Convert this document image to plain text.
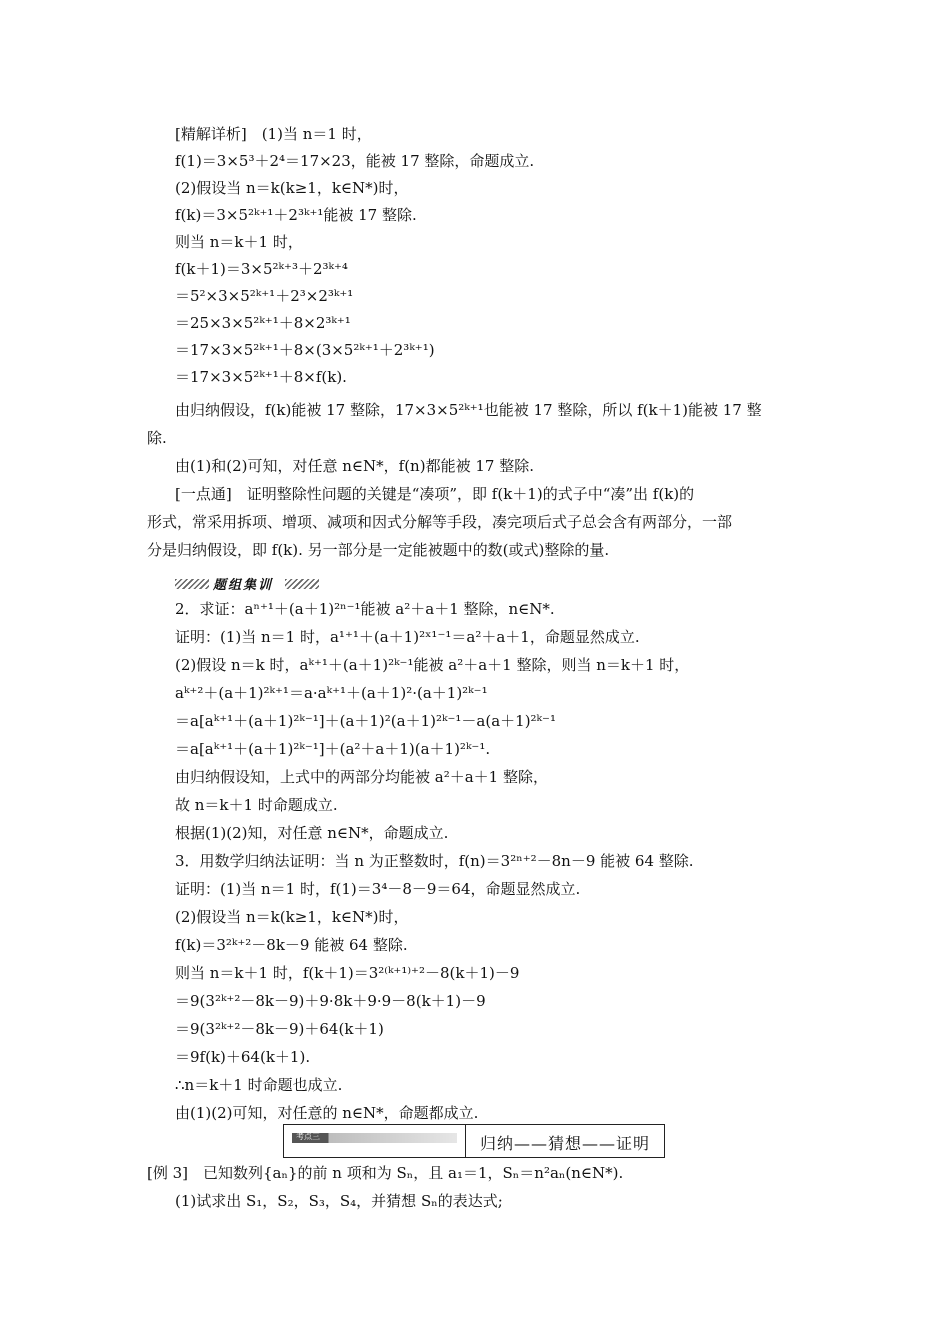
[精解详析]　(1)当 n＝1 时，
f(1)＝3×5³＋2⁴＝17×23，能被 17 整除，命题成立.
(2)假设当 n＝k(k≥1，k∈N*)时，
f(k)＝3×5²ᵏ⁺¹＋2³ᵏ⁺¹能被 17 整除.
则当 n＝k＋1 时，
f(k＋1)＝3×5²ᵏ⁺³＋2³ᵏ⁺⁴
＝5²×3×5²ᵏ⁺¹＋2³×2³ᵏ⁺¹
＝25×3×5²ᵏ⁺¹＋8×2³ᵏ⁺¹
＝17×3×5²ᵏ⁺¹＋8×(3×5²ᵏ⁺¹＋2³ᵏ⁺¹)
＝17×3×5²ᵏ⁺¹＋8×f(k).
由归纳假设，f(k)能被 17 整除，17×3×5²ᵏ⁺¹也能被 17 整除，所以 f(k＋1)能被 17 整
除.
由(1)和(2)可知，对任意 n∈N*，f(n)都能被 17 整除.
[一点通]　证明整除性问题的关键是“凑项”，即 f(k＋1)的式子中“凑”出 f(k)的
形式，常采用拆项、增项、减项和因式分解等手段，凑完项后式子总会含有两部分，一部
分是归纳假设，即 f(k). 另一部分是一定能被题中的数(或式)整除的量.
题组集训
2．求证：aⁿ⁺¹＋(a＋1)²ⁿ⁻¹能被 a²＋a＋1 整除，n∈N*.
证明：(1)当 n＝1 时，a¹⁺¹＋(a＋1)²ˣ¹⁻¹＝a²＋a＋1，命题显然成立.
(2)假设 n＝k 时，aᵏ⁺¹＋(a＋1)²ᵏ⁻¹能被 a²＋a＋1 整除，则当 n＝k＋1 时，
aᵏ⁺²＋(a＋1)²ᵏ⁺¹＝a·aᵏ⁺¹＋(a＋1)²·(a＋1)²ᵏ⁻¹
＝a[aᵏ⁺¹＋(a＋1)²ᵏ⁻¹]＋(a＋1)²(a＋1)²ᵏ⁻¹－a(a＋1)²ᵏ⁻¹
＝a[aᵏ⁺¹＋(a＋1)²ᵏ⁻¹]＋(a²＋a＋1)(a＋1)²ᵏ⁻¹.
由归纳假设知，上式中的两部分均能被 a²＋a＋1 整除，
故 n＝k＋1 时命题成立.
根据(1)(2)知，对任意 n∈N*，命题成立.
3．用数学归纳法证明：当 n 为正整数时，f(n)＝3²ⁿ⁺²－8n－9 能被 64 整除.
证明：(1)当 n＝1 时，f(1)＝3⁴－8－9＝64，命题显然成立.
(2)假设当 n＝k(k≥1，k∈N*)时，
f(k)＝3²ᵏ⁺²－8k－9 能被 64 整除.
则当 n＝k＋1 时，f(k＋1)＝3²⁽ᵏ⁺¹⁾⁺²－8(k＋1)－9
＝9(3²ᵏ⁺²－8k－9)＋9·8k＋9·9－8(k＋1)－9
＝9(3²ᵏ⁺²－8k－9)＋64(k＋1)
＝9f(k)＋64(k＋1).
∴n＝k＋1 时命题也成立.
由(1)(2)可知，对任意的 n∈N*，命题都成立.
考点三	归纳——猜想——证明
[例 3]　已知数列{aₙ}的前 n 项和为 Sₙ，且 a₁＝1，Sₙ＝n²aₙ(n∈N*).
(1)试求出 S₁，S₂，S₃，S₄，并猜想 Sₙ的表达式;
